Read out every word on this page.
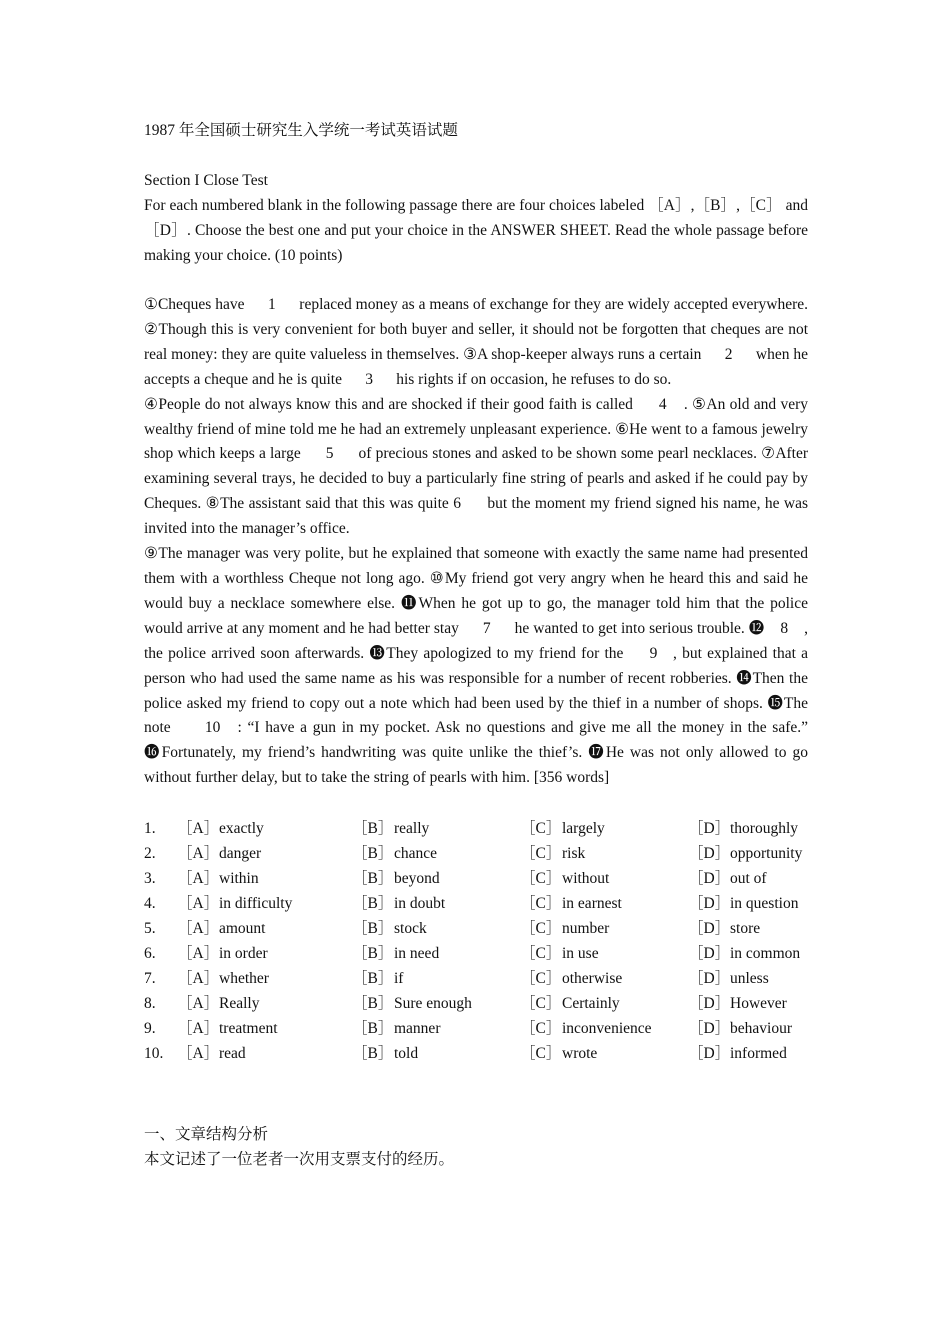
1987 年全国硕士研究生入学统一考试英语试题

Section I Close Test

For each numbered blank in the following passage there are four choices labeled ［A］,［B］,［C］ and ［D］. Choose the best one and put your choice in the ANSWER SHEET. Read the whole passage before making your choice. (10 points)

①Cheques have 1 replaced money as a means of exchange for they are widely accepted everywhere. ②Though this is very convenient for both buyer and seller, it should not be forgotten that cheques are not real money: they are quite valueless in themselves. ③A shop-keeper always runs a certain 2 when he accepts a cheque and he is quite 3 his rights if on occasion, he refuses to do so.

④People do not always know this and are shocked if their good faith is called 4 . ⑤An old and very wealthy friend of mine told me he had an extremely unpleasant experience. ⑥He went to a famous jewelry shop which keeps a large 5 of precious stones and asked to be shown some pearl necklaces. ⑦After examining several trays, he decided to buy a particularly fine string of pearls and asked if he could pay by Cheques. ⑧The assistant said that this was quite 6 but the moment my friend signed his name, he was invited into the manager’s office.

⑨The manager was very polite, but he explained that someone with exactly the same name had presented them with a worthless Cheque not long ago. ⑩My friend got very angry when he heard this and said he would buy a necklace somewhere else. ⓫When he got up to go, the manager told him that the police would arrive at any moment and he had better stay 7 he wanted to get into serious trouble. ⓬ 8 , the police arrived soon afterwards. ⓭They apologized to my friend for the 9 , but explained that a person who had used the same name as his was responsible for a number of recent robberies. ⓮Then the police asked my friend to copy out a note which had been used by the thief in a number of shops. ⓯The note 10 : “I have a gun in my pocket. Ask no questions and give me all the money in the safe.” ⓰Fortunately, my friend’s handwriting was quite unlike the thief’s. ⓱He was not only allowed to go without further delay, but to take the string of pearls with him. [356 words]

1.	［A］exactly	［B］really	［C］largely	［D］thoroughly
2.	［A］danger	［B］chance	［C］risk	［D］opportunity
3.	［A］within	［B］beyond	［C］without	［D］out of
4.	［A］in difficulty	［B］in doubt	［C］in earnest	［D］in question
5.	［A］amount	［B］stock	［C］number	［D］store
6.	［A］in order	［B］in need	［C］in use	［D］in common
7.	［A］whether	［B］if	［C］otherwise	［D］unless
8.	［A］Really	［B］Sure enough	［C］Certainly	［D］However
9.	［A］treatment	［B］manner	［C］inconvenience	［D］behaviour
10.	［A］read	［B］told	［C］wrote	［D］informed

一、文章结构分析

本文记述了一位老者一次用支票支付的经历。
